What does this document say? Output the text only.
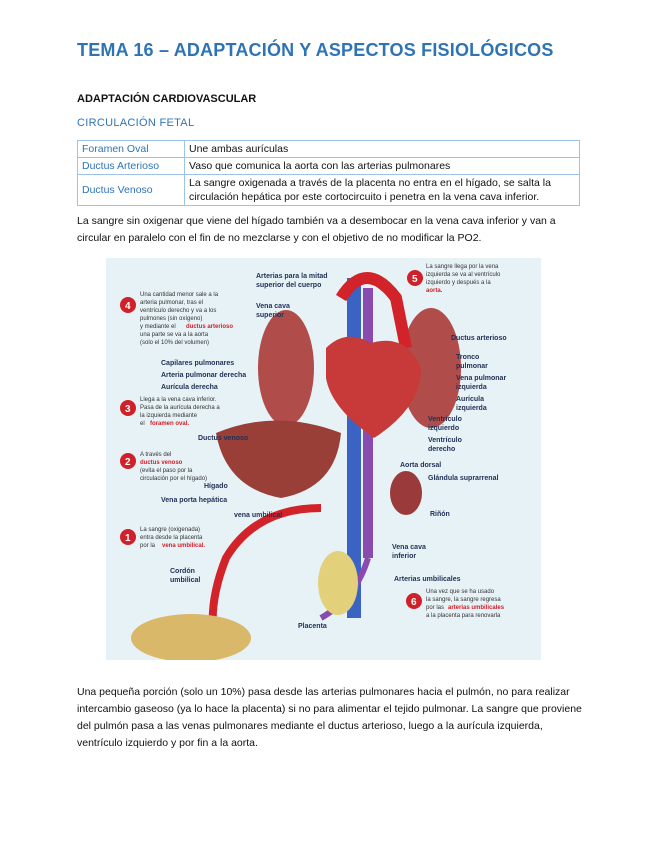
TEMA 16 – ADAPTACIÓN Y ASPECTOS FISIOLÓGICOS
ADAPTACIÓN CARDIOVASCULAR
CIRCULACIÓN FETAL
Foramen Oval	Une ambas aurículas
Ductus Arterioso	Vaso que comunica la aorta con las arterias pulmonares
Ductus Venoso	La sangre oxigenada a través de la placenta no entra en el hígado, se salta la circulación hepática por este cortocircuito i penetra en la vena cava inferior.
La sangre sin oxigenar que viene del hígado también va a desembocar en la vena cava inferior y van a circular en paralelo con el fin de no mezclarse y con el objetivo de no modificar la PO2.
Arterias para la mitad
superior del cuerpo
Vena cava
superior
Ductus arterioso
Tronco
pulmonar
Vena pulmonar
izquierda
Aurícula
izquierda
Ventrículo
izquierdo
Ventrículo
derecho
Aorta dorsal
Glándula suprarrenal
Riñón
Vena cava
inferior
Arterias umbilicales
Capilares pulmonares
Arteria pulmonar derecha
Aurícula derecha
Ductus venoso
Hígado
Vena porta hepática
vena umbilical
Cordón
umbilical
Placenta
4
5
3
2
1
6
Una cantidad menor sale a la
arteria pulmonar, tras el
ventrículo derecho y va a los
pulmones (sin oxígeno)
y mediante el ductus arterioso
una parte se va a la aorta
(solo el 10% del volumen)
La sangre llega por la vena
izquierda se va al ventrículo
izquierdo y después a la
aorta.
Llega a la vena cava inferior.
Pasa de la aurícula derecha a
la izquierda mediante
el foramen oval.
A través del
ductus venoso
(evita el paso por la
circulación por el hígado)
La sangre (oxigenada)
entra desde la placenta
por la vena umbilical.
Una vez que se ha usado
la sangre, la sangre regresa
por las arterias umbilicales
a la placenta para renovarla
Una pequeña porción (solo un 10%) pasa desde las arterias pulmonares hacia el pulmón, no para realizar intercambio gaseoso (ya lo hace la placenta) si no para alimentar el tejido pulmonar. La sangre que proviene del pulmón pasa a las venas pulmonares mediante el ductus arterioso, luego a la aurícula izquierda, ventrículo izquierdo y por fin a la aorta.
